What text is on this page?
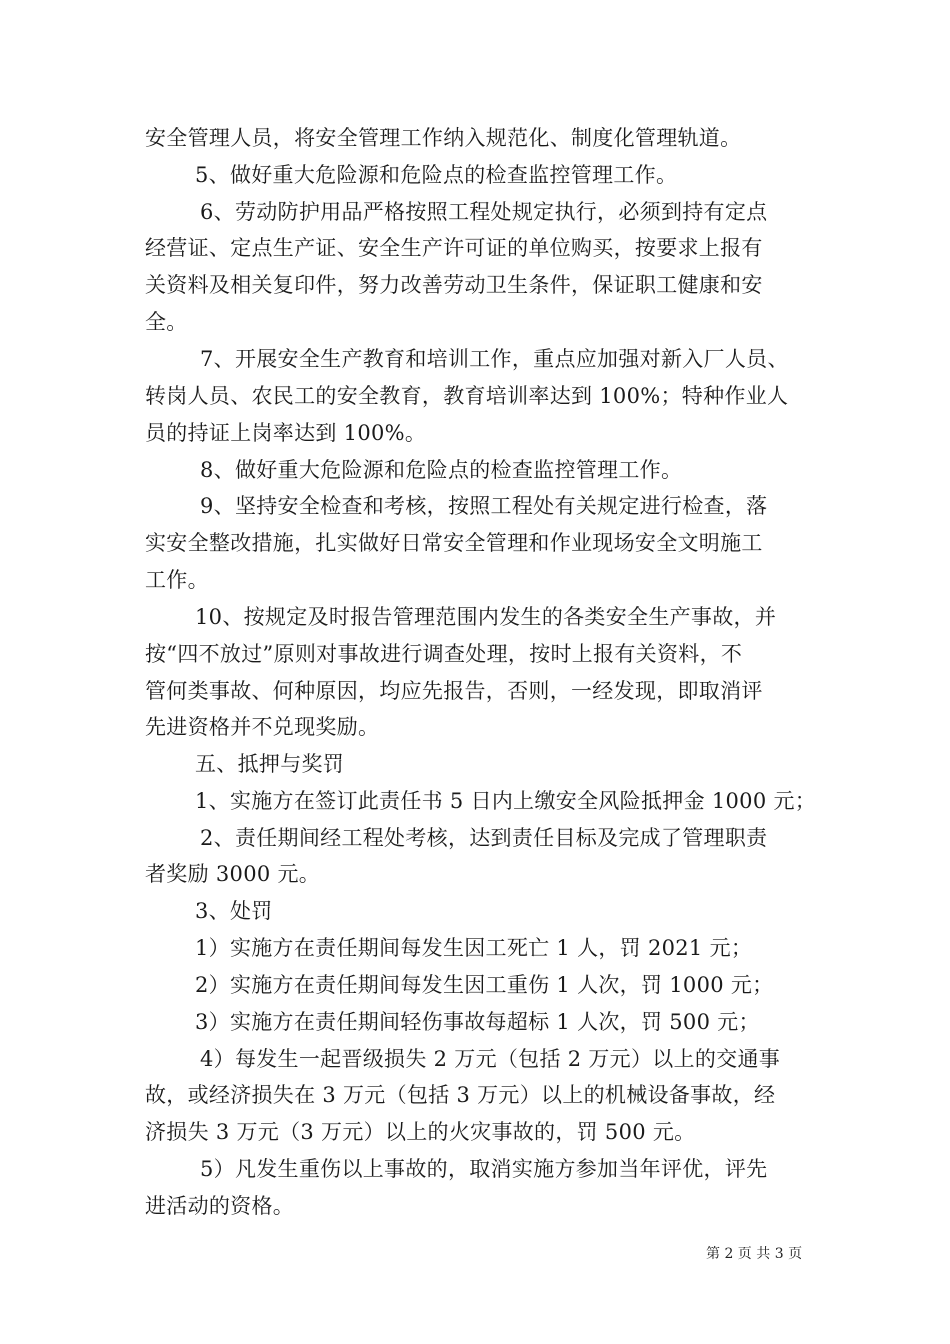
安全管理人员，将安全管理工作纳入规范化、制度化管理轨道。
5、做好重大危险源和危险点的检查监控管理工作。
6、劳动防护用品严格按照工程处规定执行，必须到持有定点
经营证、定点生产证、安全生产许可证的单位购买，按要求上报有
关资料及相关复印件，努力改善劳动卫生条件，保证职工健康和安
全。
7、开展安全生产教育和培训工作，重点应加强对新入厂人员、
转岗人员、农民工的安全教育，教育培训率达到 100%；特种作业人
员的持证上岗率达到 100%。
8、做好重大危险源和危险点的检查监控管理工作。
9、坚持安全检查和考核，按照工程处有关规定进行检查，落
实安全整改措施，扎实做好日常安全管理和作业现场安全文明施工
工作。
10、按规定及时报告管理范围内发生的各类安全生产事故，并
按“四不放过”原则对事故进行调查处理，按时上报有关资料，不
管何类事故、何种原因，均应先报告，否则，一经发现，即取消评
先进资格并不兑现奖励。
五、抵押与奖罚
1、实施方在签订此责任书 5 日内上缴安全风险抵押金 1000 元；
2、责任期间经工程处考核，达到责任目标及完成了管理职责
者奖励 3000 元。
3、处罚
1）实施方在责任期间每发生因工死亡 1 人，罚 2021 元；
2）实施方在责任期间每发生因工重伤 1 人次，罚 1000 元；
3）实施方在责任期间轻伤事故每超标 1 人次，罚 500 元；
4）每发生一起晋级损失 2 万元（包括 2 万元）以上的交通事
故，或经济损失在 3 万元（包括 3 万元）以上的机械设备事故，经
济损失 3 万元（3 万元）以上的火灾事故的，罚 500 元。
5）凡发生重伤以上事故的，取消实施方参加当年评优，评先
进活动的资格。
第 2 页 共 3 页
